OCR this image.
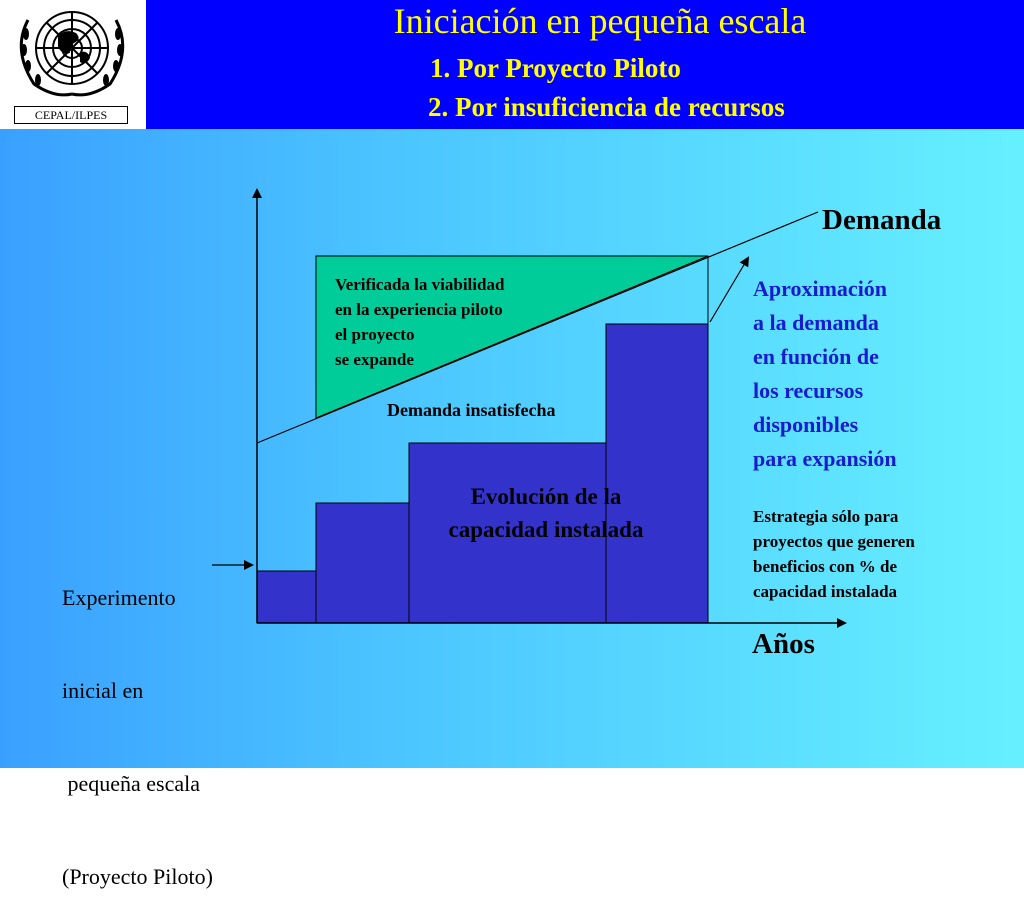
CEPAL/ILPES
Iniciación en pequeña escala
1. Por Proyecto Piloto
2. Por insuficiencia de recursos
Demanda
Años
Verificada la viabilidad
en la experiencia piloto
el proyecto
se expande
Demanda insatisfecha
Evolución de la
capacidad instalada

Experimento

inicial en

pequeña escala

(Proyecto Piloto)

Aproximación
a la demanda
en función de
los recursos
disponibles
para expansión
Estrategia sólo para
proyectos que generen
beneficios con % de
capacidad instalada
